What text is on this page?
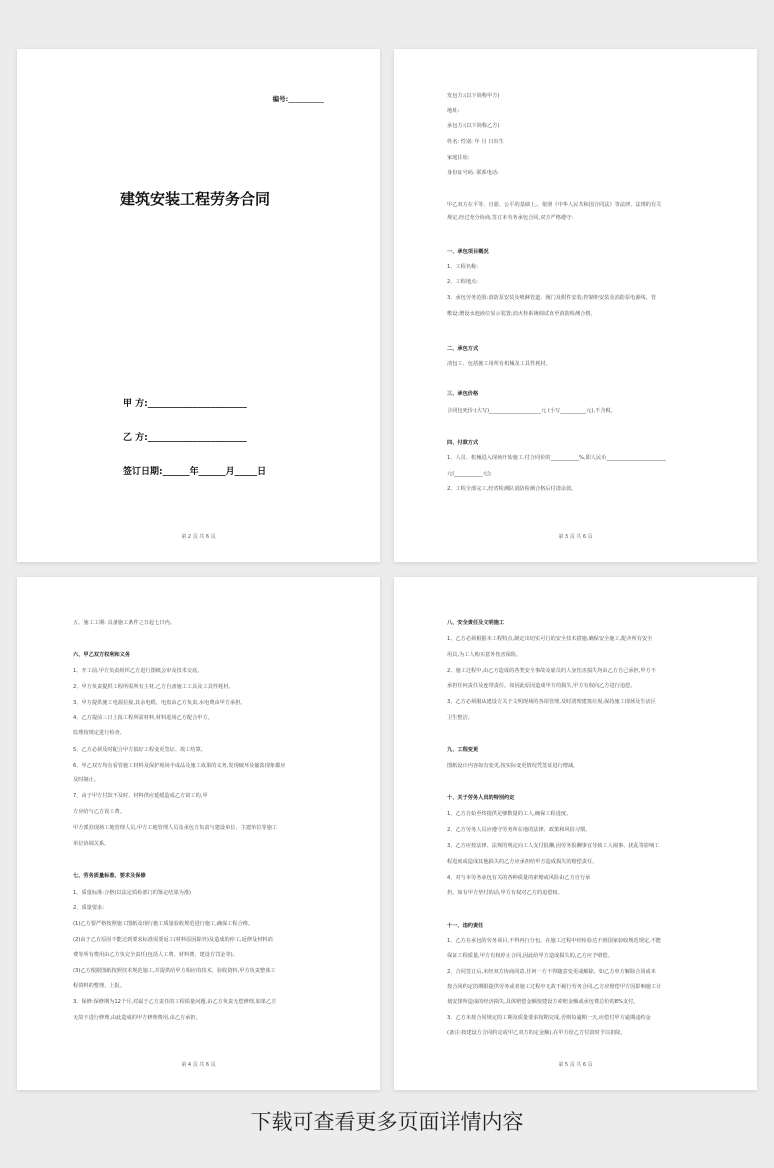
编号:___________
建筑安装工程劳务合同
甲 方:______________________
乙 方:______________________
签订日期:______年______月_____日
第 2 页 共 6 页
发包方:(以下简称甲方)
地址:
承包方:(以下简称乙方)
姓名: 性别: 年 月 日出生
家庭住址:
身份证号码: 联系电话:
甲乙双方在平等、自愿、公平的基础上,、依照《中华人民共和国合同法》等法律、法规的有关
规定,经过充分协商,签订本劳务承包合同,双方严格遵守:
一、承包项目概况
1、工程名称:
2、工程地点:
3、承包劳务范围:消防泵安装及喷淋管道、阀门及附件安装;控制柜安装及消防泵电源线、管
敷设;增设水池液位显示装置;消火栓系统调试直至消防检测合格。
二、承包方式
清包工、包括施工用所有机械及工具性耗材。
三、承包价格
合同包死价:(大写)____________________元 (小写__________元),不含税。
四、付款方式
1、人员、机械进入现场开始施工,付合同价的___________%,即人民币_______________________
元(___________元);
2、工程全部完工,经省检测队消防检测合格后付清余款。
第 3 页 共 6 页
五、施工工期: 具备施工条件之日起七日内。
六、甲乙双方权利和义务
1、开工前,甲方负责组织乙方进行图纸会审及技术交底。
2、甲方负责提供工程所需所有主材,乙方自备施工工具及工具性耗材。
3、甲方提供施工电源拉接,其余电缆、电盘由乙方负责,水电费由甲方承担。
4、乙方提前三日上报工程所需材料,材料进场乙方配合甲方。
监理按规定进行检查。
5、乙方必须及时配合甲方搞好工程变更签证、竣工结算。
6、甲乙双方均有看管施工材料及保护现场半成品及施工成果的义务,发现破坏及偷盗现象都应
及时制止。
7、由于甲方付款不及时、材料供应延缓造成乙方窝工的,甲
方应给与乙方误工费。
甲方派驻现场工地管理人员,甲方工地管理人员及承包方负责与建设单位、主建单位等施工
单位协调关系。
七、劳务质量标准、要求及保修
1、质量标准:合格(以法定质检部门的鉴定结果为准)
2、质量要求:
(1)乙方要严格按照施工图纸及现行施工质量验收规范进行施工,确保工程合格。
(2)由于乙方原因不能达到要求标准需要返工(材料原因除外)及造成的停工,返修及材料消
费等所有费用由乙方负完全责任(包括人工费、材料费、建设方罚金等)。
(3)乙方根据图纸按照技术规范施工,并提供给甲方相应的技术、验收资料,甲方负责整体工
程资料的整理、上报。
3、保修:保修期为12个月,对属于乙方责任的工程质量问题,由乙方负责无偿修理,如果乙方
无故不进行修理,由此造成的甲方修理费用,由乙方承担。
第 4 页 共 6 页
八、安全责任及文明施工
1、乙方必须根据本工程特点,制定出切实可行的安全技术措施,确保安全施工,配齐所有安全
用具,为工人购买意外伤害保险。
2、施工过程中,由乙方造成的各类安全事故及雇员的人身伤害损失均由乙方自己承担,甲方不
承担任何责任及连带责任。如因此原因造成甲方的损失,甲方有权向乙方进行追偿。
3、乙方必须服从建设方关于文明现场的各项管理,及时清理建筑垃圾,保持施工现场及生活区
卫生整洁。
九、工程变更
图纸设计内容如有变更,按实际变更情况凭签证进行增减。
十、关于劳务人员的特别约定
1、乙方自始至终提供足够数量的工人,确保工程进度。
2、乙方劳务人员应遵守劳务所在地的法律、政策和风俗习惯。
3、乙方应按法律、法规的规定向工人支付报酬,因劳务报酬事宜导致工人闹事、扰乱等影响工
程进度或造成其他损失的乙方应承担给甲方造成损失的赔偿责任。
4、对与本劳务承包有关的各种质量的索赔或风险由乙方自行承
担。如有甲方垫付的话,甲方有权对乙方的追偿权。
十一、违约责任
1、乙方在承包的劳务项目,不得再行分包。在施工过程中经检验达不到国家验收规范规定,不能
保证工程质量,甲方有权停止合同,因此给甲方造成损失的,乙方应予赔偿。
2、合同签订后,未经双方协商同意,任何一方不得随意变更或解除。如乙方单方解除合同或未
按合同约定的期限提供劳务或者施工过程中无故不履行劳务合同,乙方应赔偿甲方因影响施工计
划安排所造成的经济损失,具体赔偿金额按建设方索赔金额或承包费总价的8%支付。
3、乙方未按合同规定的工期及质量要求按期完成,否则每逾期一天,应偿付甲方逾期违约金
(备注:按建设方合同约定或甲乙双方的定金额),在甲方给乙方付款时予以扣除。
第 5 页 共 6 页
下载可查看更多页面详情内容
